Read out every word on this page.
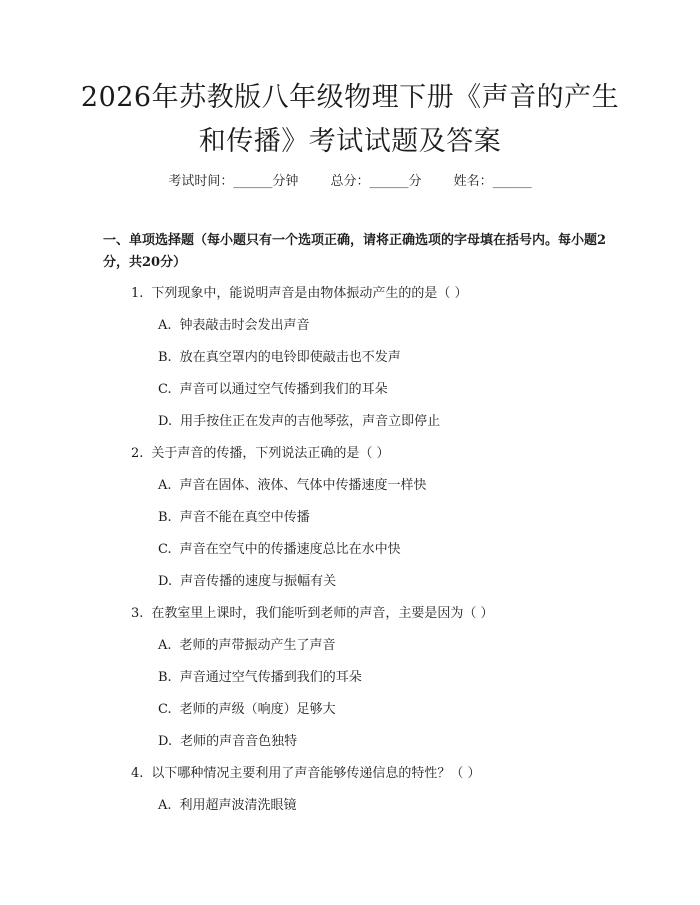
2026年苏教版八年级物理下册《声音的产生
和传播》考试试题及答案
考试时间：______分钟 总分：______分 姓名：______
一、单项选择题（每小题只有一个选项正确，请将正确选项的字母填在括号内。每小题2分，共20分）
1. 下列现象中，能说明声音是由物体振动产生的的是（ ）
A. 钟表敲击时会发出声音
B. 放在真空罩内的电铃即使敲击也不发声
C. 声音可以通过空气传播到我们的耳朵
D. 用手按住正在发声的吉他琴弦，声音立即停止
2. 关于声音的传播，下列说法正确的是（ ）
A. 声音在固体、液体、气体中传播速度一样快
B. 声音不能在真空中传播
C. 声音在空气中的传播速度总比在水中快
D. 声音传播的速度与振幅有关
3. 在教室里上课时，我们能听到老师的声音，主要是因为（ ）
A. 老师的声带振动产生了声音
B. 声音通过空气传播到我们的耳朵
C. 老师的声级（响度）足够大
D. 老师的声音音色独特
4. 以下哪种情况主要利用了声音能够传递信息的特性？（ ）
A. 利用超声波清洗眼镜
